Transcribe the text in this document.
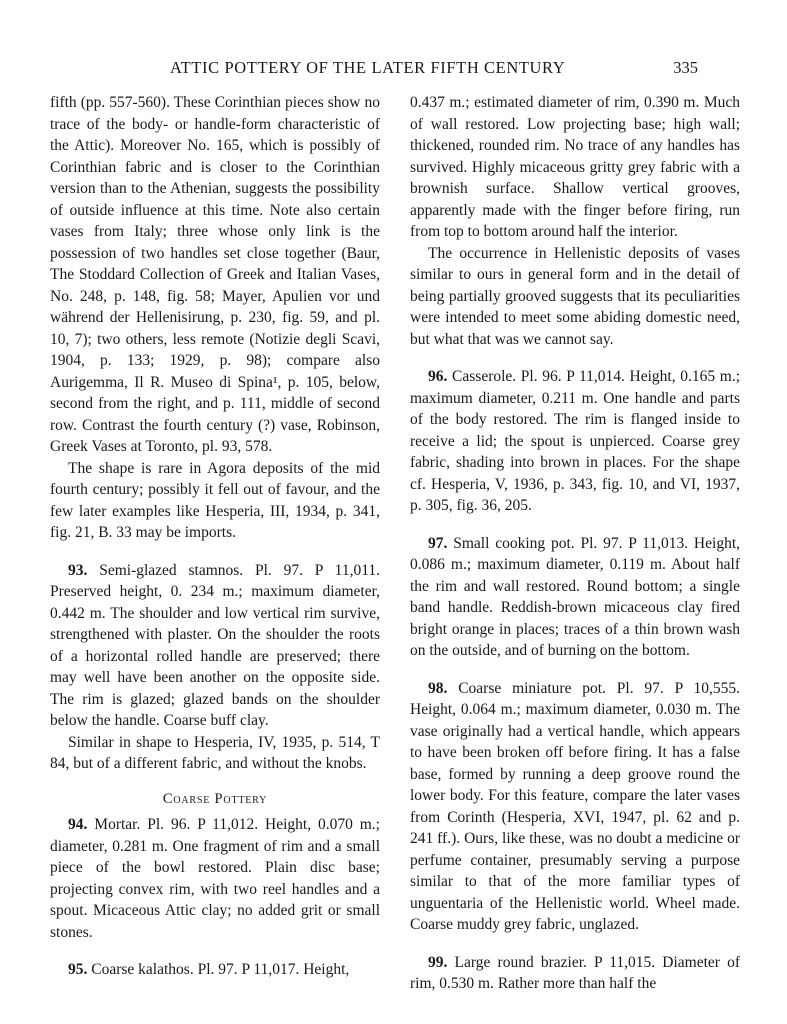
ATTIC POTTERY OF THE LATER FIFTH CENTURY	335

fifth (pp. 557-560). These Corinthian pieces show no trace of the body- or handle-form characteristic of the Attic). Moreover No. 165, which is possibly of Corinthian fabric and is closer to the Corinthian version than to the Athenian, suggests the possibility of outside influence at this time. Note also certain vases from Italy; three whose only link is the possession of two handles set close together (Baur, The Stoddard Collection of Greek and Italian Vases, No. 248, p. 148, fig. 58; Mayer, Apulien vor und während der Hellenisirung, p. 230, fig. 59, and pl. 10, 7); two others, less remote (Notizie degli Scavi, 1904, p. 133; 1929, p. 98); compare also Aurigemma, Il R. Museo di Spina¹, p. 105, below, second from the right, and p. 111, middle of second row. Contrast the fourth century (?) vase, Robinson, Greek Vases at Toronto, pl. 93, 578.

The shape is rare in Agora deposits of the mid fourth century; possibly it fell out of favour, and the few later examples like Hesperia, III, 1934, p. 341, fig. 21, B. 33 may be imports.

93. Semi-glazed stamnos. Pl. 97. P 11,011. Preserved height, 0. 234 m.; maximum diameter, 0.442 m. The shoulder and low vertical rim survive, strengthened with plaster. On the shoulder the roots of a horizontal rolled handle are preserved; there may well have been another on the opposite side. The rim is glazed; glazed bands on the shoulder below the handle. Coarse buff clay.

Similar in shape to Hesperia, IV, 1935, p. 514, T 84, but of a different fabric, and without the knobs.

Coarse Pottery

94. Mortar. Pl. 96. P 11,012. Height, 0.070 m.; diameter, 0.281 m. One fragment of rim and a small piece of the bowl restored. Plain disc base; projecting convex rim, with two reel handles and a spout. Micaceous Attic clay; no added grit or small stones.

95. Coarse kalathos. Pl. 97. P 11,017. Height,

0.437 m.; estimated diameter of rim, 0.390 m. Much of wall restored. Low projecting base; high wall; thickened, rounded rim. No trace of any handles has survived. Highly micaceous gritty grey fabric with a brownish surface. Shallow vertical grooves, apparently made with the finger before firing, run from top to bottom around half the interior.

The occurrence in Hellenistic deposits of vases similar to ours in general form and in the detail of being partially grooved suggests that its peculiarities were intended to meet some abiding domestic need, but what that was we cannot say.

96. Casserole. Pl. 96. P 11,014. Height, 0.165 m.; maximum diameter, 0.211 m. One handle and parts of the body restored. The rim is flanged inside to receive a lid; the spout is unpierced. Coarse grey fabric, shading into brown in places. For the shape cf. Hesperia, V, 1936, p. 343, fig. 10, and VI, 1937, p. 305, fig. 36, 205.

97. Small cooking pot. Pl. 97. P 11,013. Height, 0.086 m.; maximum diameter, 0.119 m. About half the rim and wall restored. Round bottom; a single band handle. Reddish-brown micaceous clay fired bright orange in places; traces of a thin brown wash on the outside, and of burning on the bottom.

98. Coarse miniature pot. Pl. 97. P 10,555. Height, 0.064 m.; maximum diameter, 0.030 m. The vase originally had a vertical handle, which appears to have been broken off before firing. It has a false base, formed by running a deep groove round the lower body. For this feature, compare the later vases from Corinth (Hesperia, XVI, 1947, pl. 62 and p. 241 ff.). Ours, like these, was no doubt a medicine or perfume container, presumably serving a purpose similar to that of the more familiar types of unguentaria of the Hellenistic world. Wheel made. Coarse muddy grey fabric, unglazed.

99. Large round brazier. P 11,015. Diameter of rim, 0.530 m. Rather more than half the
